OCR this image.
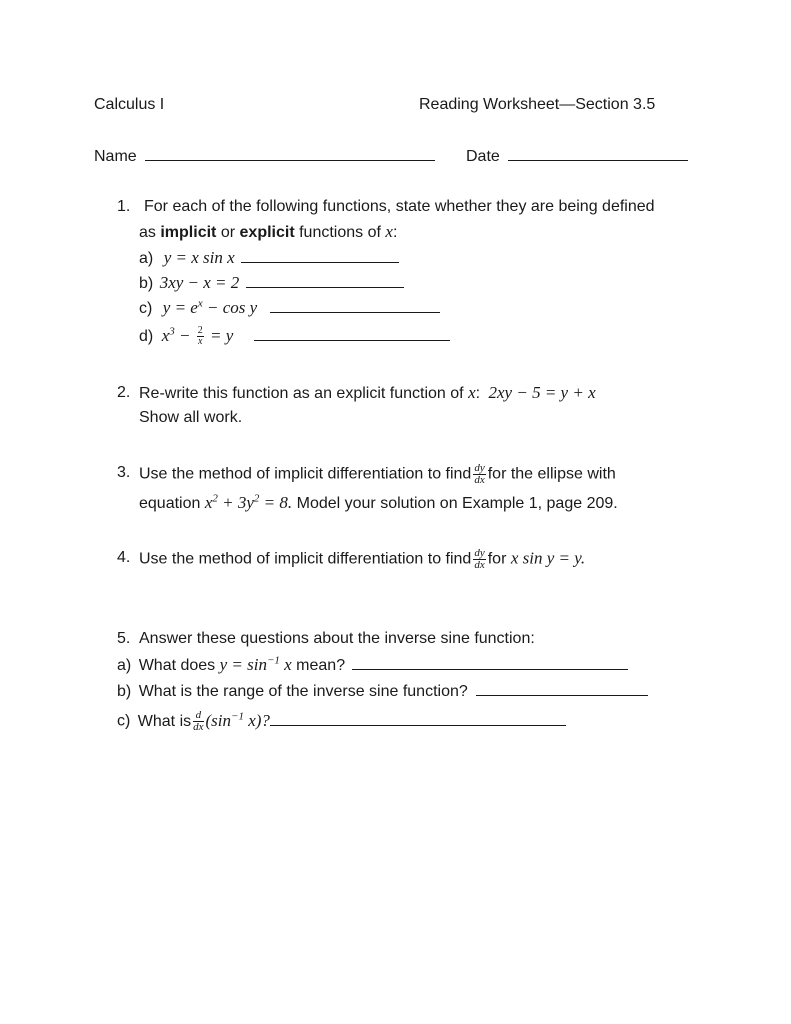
Calculus I	Reading Worksheet—Section 3.5
Name	Date
1. For each of the following functions, state whether they are being defined
as implicit or explicit functions of x:
a) y = x sin x
b) 3xy − x = 2
c) $y = e^x - \cos y$
d) $x^3 - \frac{2}{x} = y$
2. Re-write this function as an explicit function of x: 2xy − 5 = y + x
Show all work.
3. Use the method of implicit differentiation to find $\frac{dy}{dx}$ for the ellipse with
equation $x^2 + 3y^2 = 8$. Model your solution on Example 1, page 209.
4. Use the method of implicit differentiation to find $\frac{dy}{dx}$ for x sin y = y.
5. Answer these questions about the inverse sine function:
a) What does $y = \sin^{-1} x$ mean?
b) What is the range of the inverse sine function?
c) What is $\frac{d}{dx} (\sin^{-1}$ x)?
